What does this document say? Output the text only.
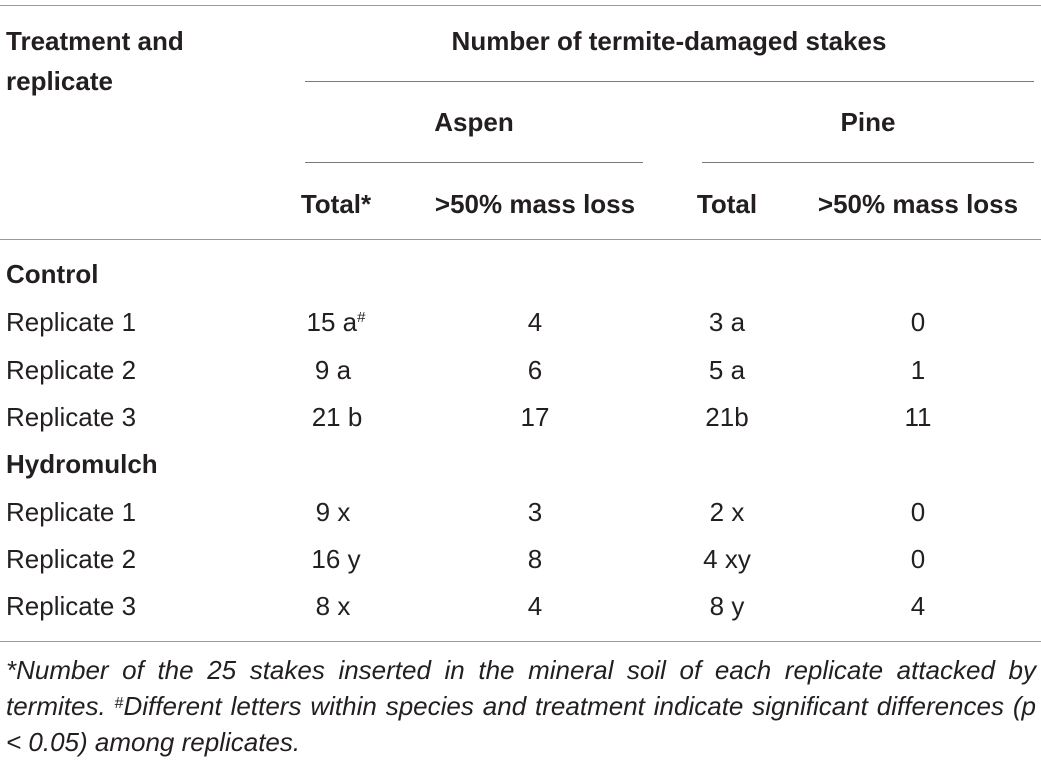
Treatment and
replicate
Number of termite-damaged stakes
Aspen	Pine
Total* >50% mass loss Total >50% mass loss
Control
Replicate 1	15 a#	4	3 a	0
Replicate 2	9 a	6	5 a	1
Replicate 3	21 b	17	21b	11
Hydromulch
Replicate 1	9 x	3	2 x	0
Replicate 2	16 y	8	4 xy	0
Replicate 3	8 x	4	8 y	4
*Number of the 25 stakes inserted in the mineral soil of each replicate attacked by termites. #Different letters within species and treatment indicate significant differences (p < 0.05) among replicates.
